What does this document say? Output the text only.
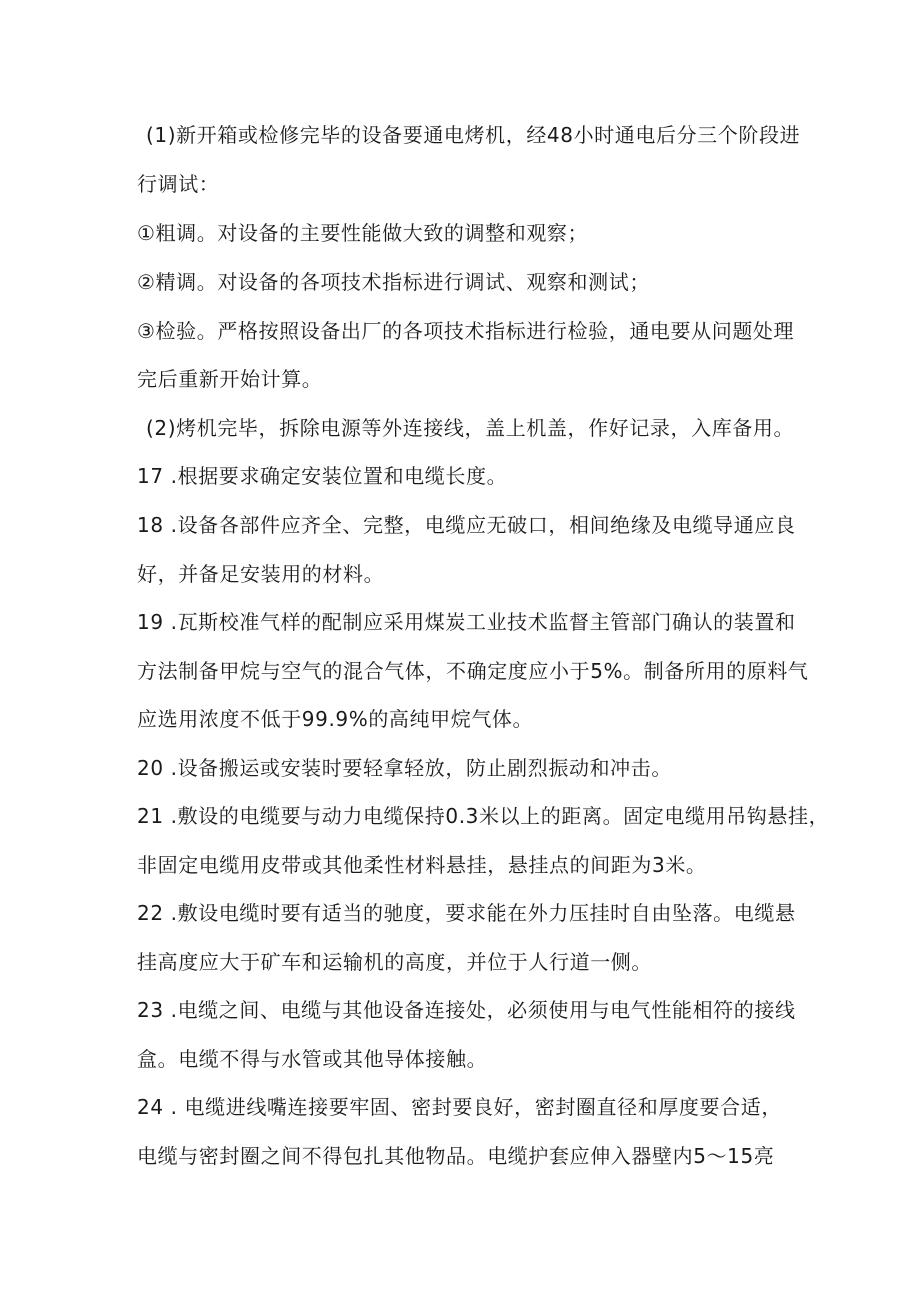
(1)新开箱或检修完毕的设备要通电烤机，经48小时通电后分三个阶段进
行调试：
①粗调。对设备的主要性能做大致的调整和观察；
②精调。对设备的各项技术指标进行调试、观察和测试；
③检验。严格按照设备出厂的各项技术指标进行检验，通电要从问题处理
完后重新开始计算。
(2)烤机完毕，拆除电源等外连接线，盖上机盖，作好记录，入库备用。
17 .根据要求确定安装位置和电缆长度。
18 .设备各部件应齐全、完整，电缆应无破口，相间绝缘及电缆导通应良
好，并备足安装用的材料。
19 .瓦斯校准气样的配制应采用煤炭工业技术监督主管部门确认的装置和
方法制备甲烷与空气的混合气体，不确定度应小于5%。制备所用的原料气
应选用浓度不低于99.9%的高纯甲烷气体。
20 .设备搬运或安装时要轻拿轻放，防止剧烈振动和冲击。
21 .敷设的电缆要与动力电缆保持0.3米以上的距离。固定电缆用吊钩悬挂，
非固定电缆用皮带或其他柔性材料悬挂，悬挂点的间距为3米。
22 .敷设电缆时要有适当的驰度，要求能在外力压挂时自由坠落。电缆悬
挂高度应大于矿车和运输机的高度，并位于人行道一侧。
23 .电缆之间、电缆与其他设备连接处，必须使用与电气性能相符的接线
盒。电缆不得与水管或其他导体接触。
24 . 电缆进线嘴连接要牢固、密封要良好，密封圈直径和厚度要合适，
电缆与密封圈之间不得包扎其他物品。电缆护套应伸入器壁内5～15亮
